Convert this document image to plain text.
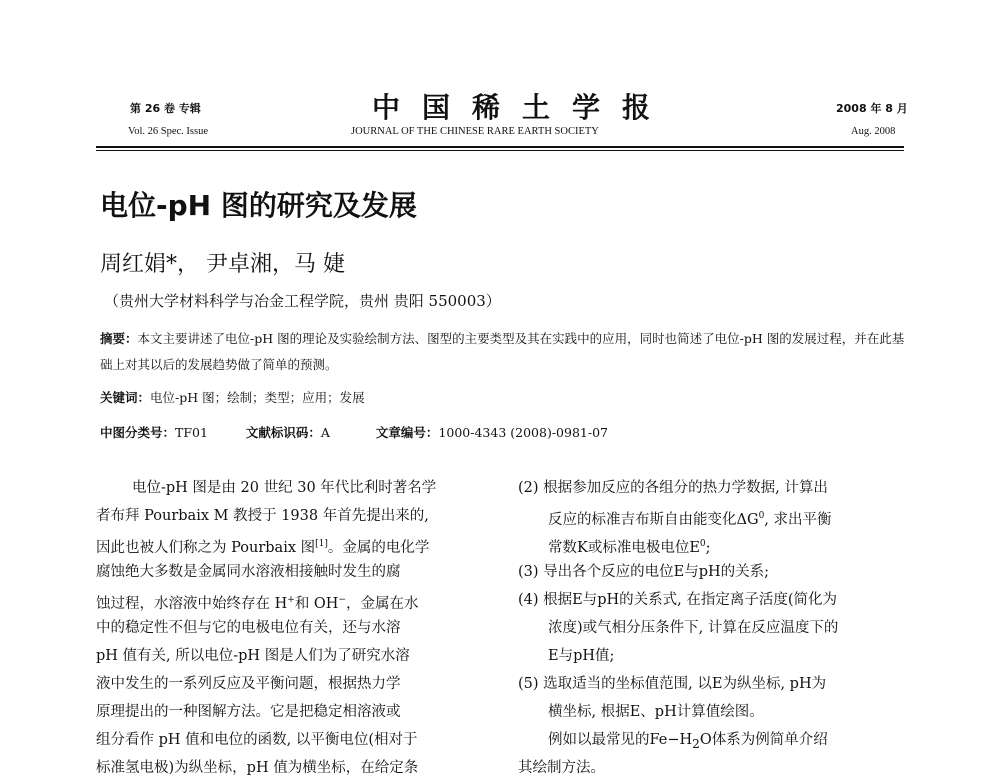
第 26 卷 专辑	中国稀土学报	2008 年 8 月
Vol. 26 Spec. Issue	JOURNAL OF THE CHINESE RARE EARTH SOCIETY	Aug. 2008
电位-pH 图的研究及发展
周红娟*， 尹卓湘，马 婕
（贵州大学材料科学与冶金工程学院，贵州 贵阳 550003）
摘要：本文主要讲述了电位-pH 图的理论及实验绘制方法、图型的主要类型及其在实践中的应用，同时也简述了电位-pH 图的发展过程，并在此基础上对其以后的发展趋势做了简单的预测。
关键词：电位-pH 图；绘制；类型；应用；发展
中图分类号：TF01	文献标识码：A	文章编号：1000-4343 (2008)-0981-07
电位-pH 图是由 20 世纪 30 年代比利时著名学
者布拜 Pourbaix M 教授于 1938 年首先提出来的,
因此也被人们称之为 Pourbaix 图[1]。金属的电化学
腐蚀绝大多数是金属同水溶液相接触时发生的腐
蚀过程，水溶液中始终存在 H+和 OH−，金属在水
中的稳定性不但与它的电极电位有关，还与水溶
pH 值有关, 所以电位-pH 图是人们为了研究水溶
液中发生的一系列反应及平衡问题，根据热力学
原理提出的一种图解方法。它是把稳定相溶液或
组分看作 pH 值和电位的函数, 以平衡电位(相对于
标准氢电极)为纵坐标，pH 值为横坐标，在给定条
(2) 根据参加反应的各组分的热力学数据, 计算出
反应的标准吉布斯自由能变化$\Delta G^0$, 求出平衡
常数K或标准电极电位$E^0$;
(3) 导出各个反应的电位E与pH的关系;
(4) 根据E与pH的关系式, 在指定离子活度(简化为
浓度)或气相分压条件下, 计算在反应温度下的
E与pH值;
(5) 选取适当的坐标值范围, 以E为纵坐标, pH为
横坐标, 根据E、pH计算值绘图。
例如以最常见的$Fe-H_2O$体系为例简单介绍
其绘制方法。
